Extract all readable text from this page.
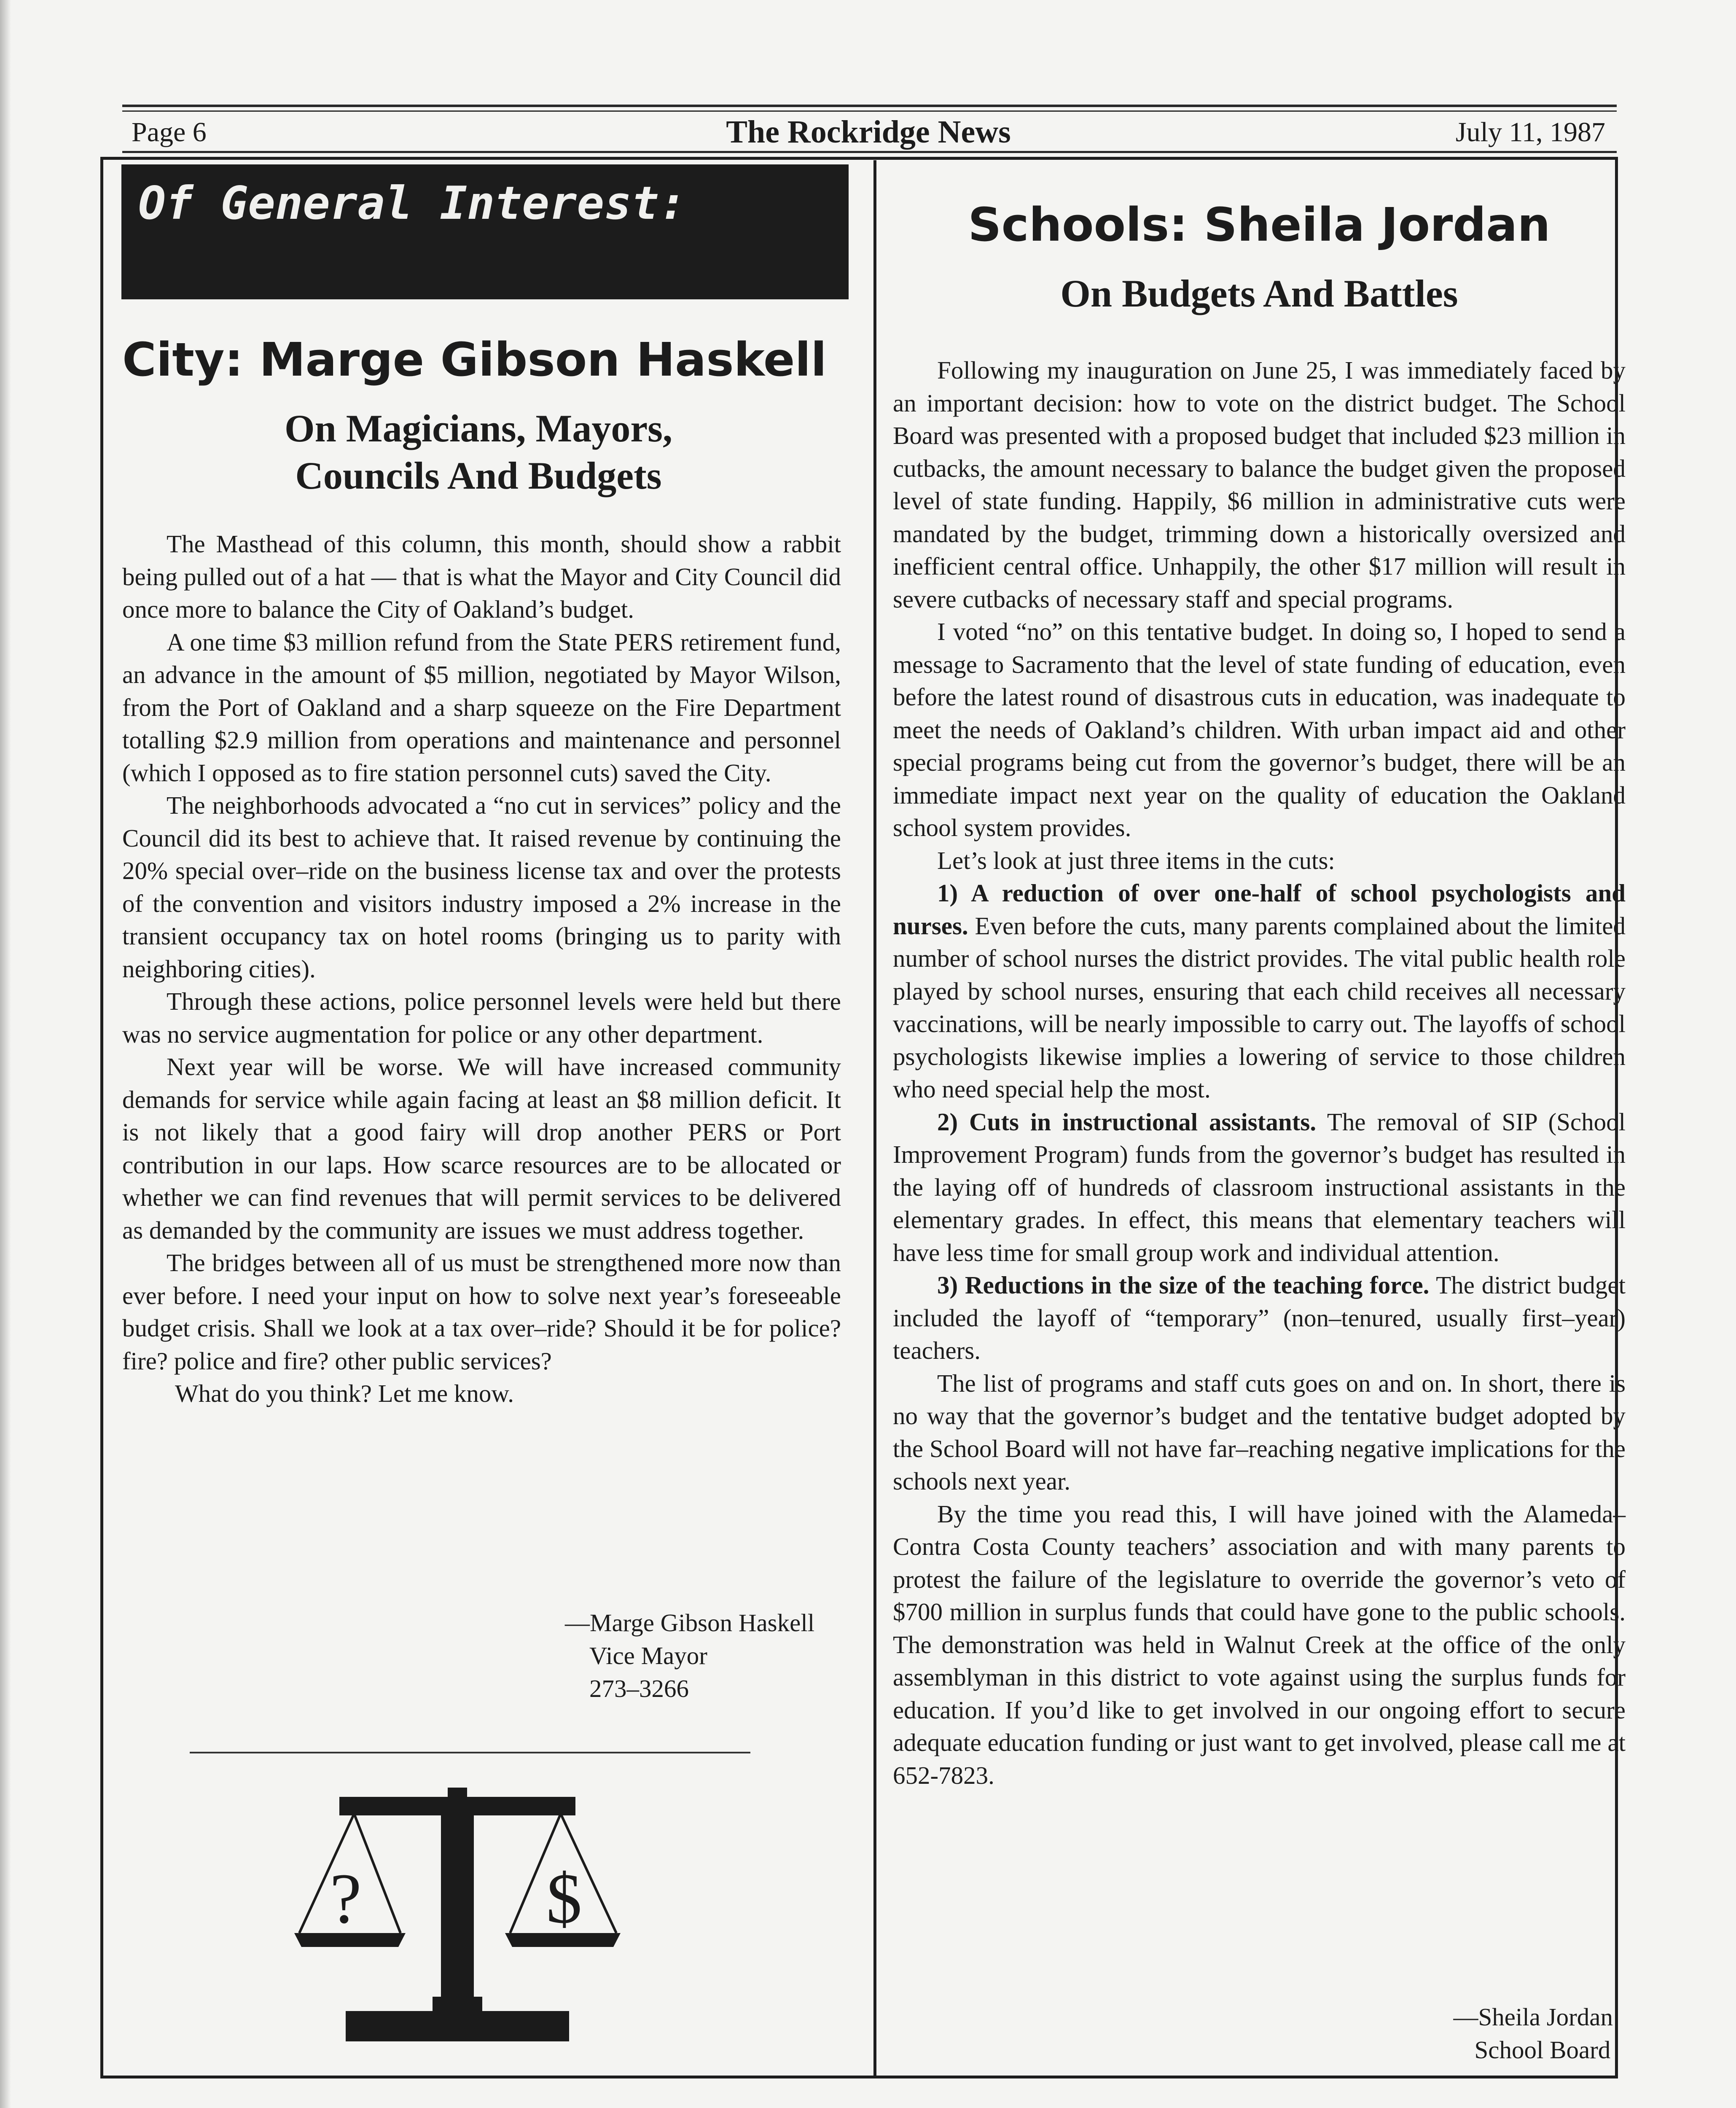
Page 6	The Rockridge News	July 11, 1987
Of General Interest:
City: Marge Gibson Haskell
On Magicians, Mayors,
Councils And Budgets

The Masthead of this column, this month, should show a rabbit being pulled out of a hat — that is what the Mayor and City Council did once more to balance the City of Oakland’s budget.

A one time $3 million refund from the State PERS retirement fund, an advance in the amount of $5 million, negotiated by Mayor Wilson, from the Port of Oakland and a sharp squeeze on the Fire Department totalling $2.9 million from operations and maintenance and personnel (which I opposed as to fire station personnel cuts) saved the City.

The neighborhoods advocated a “no cut in services” policy and the Council did its best to achieve that. It raised revenue by continuing the 20% special over–ride on the business license tax and over the protests of the convention and visitors industry imposed a 2% increase in the transient occupancy tax on hotel rooms (bringing us to parity with neighboring cities).

Through these actions, police personnel levels were held but there was no service augmentation for police or any other department.

Next year will be worse. We will have increased community demands for service while again facing at least an $8 million deficit. It is not likely that a good fairy will drop another PERS or Port contribution in our laps. How scarce resources are to be allocated or whether we can find revenues that will permit services to be delivered as demanded by the community are issues we must address together.

The bridges between all of us must be strengthened more now than ever before. I need your input on how to solve next year’s foreseeable budget crisis. Shall we look at a tax over–ride? Should it be for police? fire? police and fire? other public services?

What do you think? Let me know.

—Marge Gibson Haskell
Vice Mayor
273–3266
?	$
Schools: Sheila Jordan
On Budgets And Battles

Following my inauguration on June 25, I was immediately faced by an important decision: how to vote on the district budget. The School Board was presented with a proposed budget that included $23 million in cutbacks, the amount necessary to balance the budget given the proposed level of state funding. Happily, $6 million in administrative cuts were mandated by the budget, trimming down a historically oversized and inefficient central office. Unhappily, the other $17 million will result in severe cutbacks of necessary staff and special programs.

I voted “no” on this tentative budget. In doing so, I hoped to send a message to Sacramento that the level of state funding of education, even before the latest round of disastrous cuts in education, was inadequate to meet the needs of Oakland’s children. With urban impact aid and other special programs being cut from the governor’s budget, there will be an immediate impact next year on the quality of education the Oakland school system provides.

Let’s look at just three items in the cuts:

1) A reduction of over one-half of school psychologists and nurses. Even before the cuts, many parents complained about the limited number of school nurses the district provides. The vital public health role played by school nurses, ensuring that each child receives all necessary vaccinations, will be nearly impossible to carry out. The layoffs of school psychologists likewise implies a lowering of service to those children who need special help the most.

2) Cuts in instructional assistants. The removal of SIP (School Improvement Program) funds from the governor’s budget has resulted in the laying off of hundreds of classroom instructional assistants in the elementary grades. In effect, this means that elementary teachers will have less time for small group work and individual attention.

3) Reductions in the size of the teaching force. The district budget included the layoff of “temporary” (non–tenured, usually first–year) teachers.

The list of programs and staff cuts goes on and on. In short, there is no way that the governor’s budget and the tentative budget adopted by the School Board will not have far–reaching negative implications for the schools next year.

By the time you read this, I will have joined with the Alameda–Contra Costa County teachers’ association and with many parents to protest the failure of the legislature to override the governor’s veto of $700 million in surplus funds that could have gone to the public schools. The demonstration was held in Walnut Creek at the office of the only assemblyman in this district to vote against using the surplus funds for education. If you’d like to get involved in our ongoing effort to secure adequate education funding or just want to get involved, please call me at 652-7823.

—Sheila Jordan
School Board
